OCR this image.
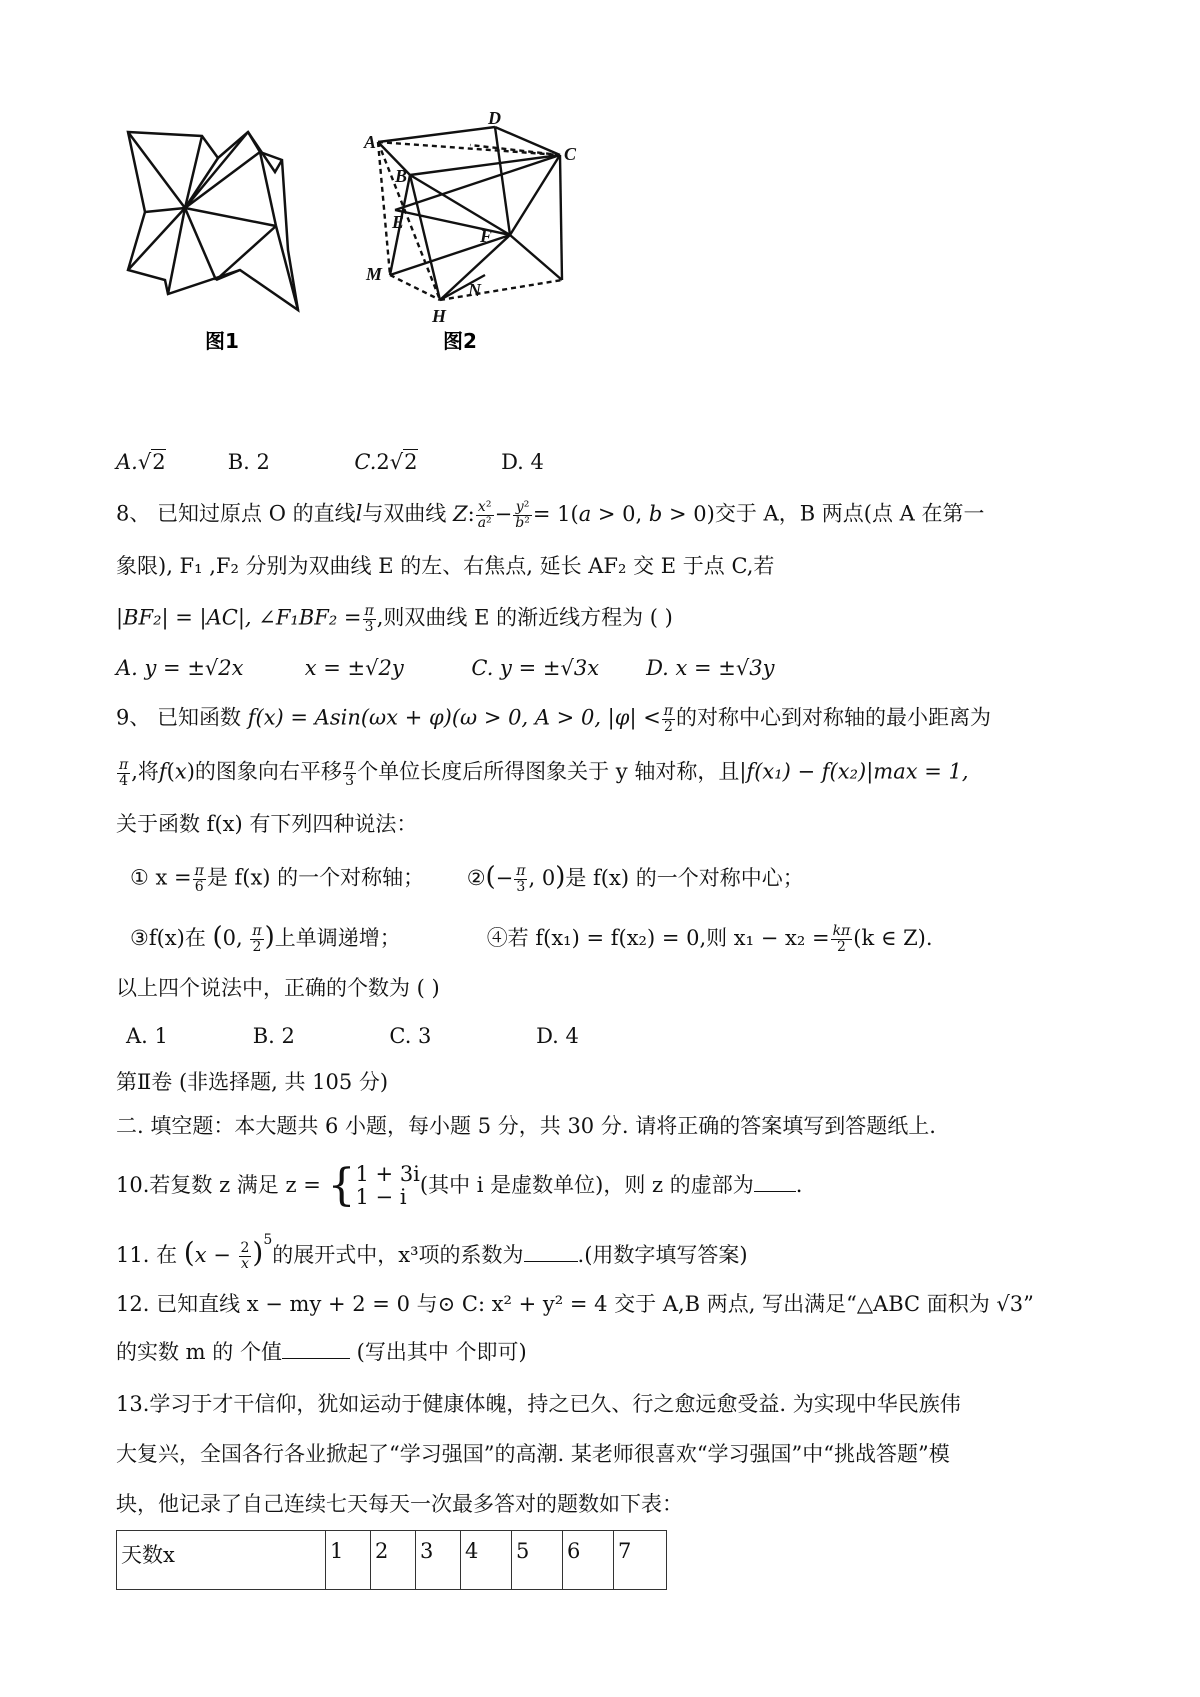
图1
A
B
C
D
E
F
M
N
H
图2
A.√2	B. 2	C.2√2	D. 4
8、 已知过原点 O 的直线l与双曲线 Z: $\frac{\text{x²}}{\text{a²}} - \frac{\text{y²}}{\text{b²}} = 1(a > 0$, b > 0)交于 A，B 两点(点 A 在第一
象限), F₁ ,F₂ 分别为双曲线 E 的左、右焦点, 延长 AF₂ 交 E 于点 C,若
|BF₂| = |AC|, ∠F₁BF₂ = $\frac{\pi}{3}$ ,则双曲线 E 的渐近线方程为 ( )
A. y = ±√2x	x = ±√2y	C. y = ±√3x D. x = ±√3y
9、 已知函数 f(x) = Asin(ωx + φ)(ω > 0, A > 0, $|\varphi| < \frac{\pi}{2}$ 的对称中心到对称轴的最小距离为
$\frac{\pi}{4}$ ,将f(x)的图象向右平移 $\frac{\pi}{3}$ 个单位长度后所得图象关于 y 轴对称，且|f(x₁) − f(x₂)|max = 1,
关于函数 f(x) 有下列四种说法：
① $x = \frac{\pi}{6}$ 是 f(x) 的一个对称轴； ②(− $\frac{\pi}{3}$ , 0)是 f(x) 的一个对称中心；
③f(x)在 (0, $\frac{\pi}{2}$ )上单调递增；	④若 f(x₁) = f(x₂) = 0,则 $x_1 - x_2 = \frac{k\pi}{2} (k$ ∈ Z).
以上四个说法中，正确的个数为 ( )
A. 1	B. 2	C. 3	D. 4
第Ⅱ卷 (非选择题, 共 105 分)
二. 填空题：本大题共 6 小题，每小题 5 分，共 30 分. 请将正确的答案填写到答题纸上.
10.若复数 z 满足 z = { 1 + 3i
1 − i
(其中 i 是虚数单位)，则 z 的虚部为 .
11. 在 $(x - \frac{2}{x} )^5$的展开式中，x³项的系数为	.(用数字填写答案)
12. 已知直线 x − my + 2 = 0 与⊙ C: x² + y² = 4 交于 A,B 两点, 写出满足“△ABC 面积为 √3”
的实数 m 的 个值	(写出其中 个即可)
13.学习于才干信仰，犹如运动于健康体魄，持之已久、行之愈远愈受益. 为实现中华民族伟
大复兴，全国各行各业掀起了“学习强国”的高潮. 某老师很喜欢“学习强国”中“挑战答题”模
块，他记录了自己连续七天每天一次最多答对的题数如下表：
天数x	1	2	3	4	5	6	7
